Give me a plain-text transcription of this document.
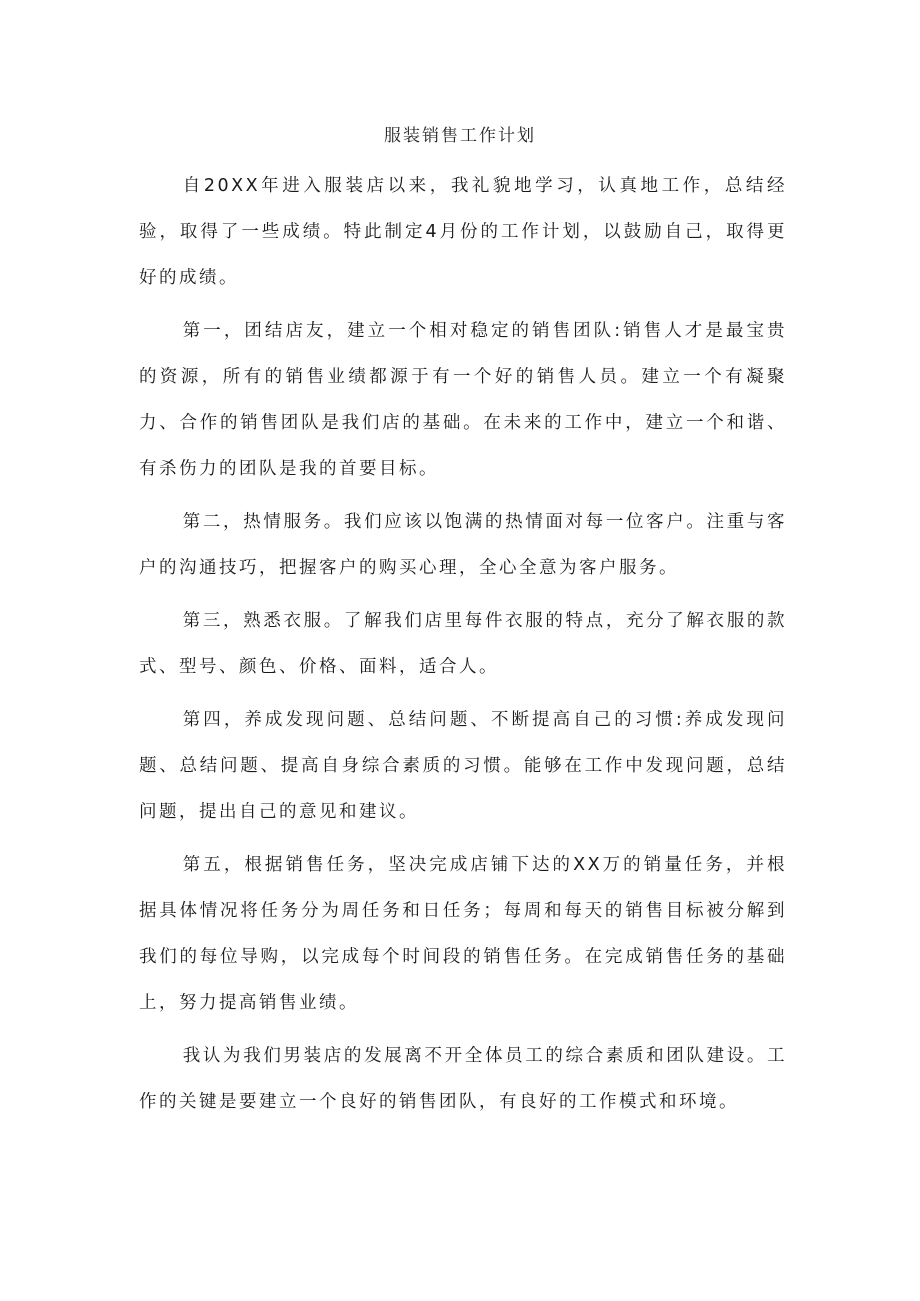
服装销售工作计划

自20XX年进入服装店以来，我礼貌地学习，认真地工作，总结经验，取得了一些成绩。特此制定4月份的工作计划，以鼓励自己，取得更好的成绩。

第一，团结店友，建立一个相对稳定的销售团队:销售人才是最宝贵的资源，所有的销售业绩都源于有一个好的销售人员。建立一个有凝聚力、合作的销售团队是我们店的基础。在未来的工作中，建立一个和谐、有杀伤力的团队是我的首要目标。

第二，热情服务。我们应该以饱满的热情面对每一位客户。注重与客户的沟通技巧，把握客户的购买心理，全心全意为客户服务。

第三，熟悉衣服。了解我们店里每件衣服的特点，充分了解衣服的款式、型号、颜色、价格、面料，适合人。

第四，养成发现问题、总结问题、不断提高自己的习惯:养成发现问题、总结问题、提高自身综合素质的习惯。能够在工作中发现问题，总结问题，提出自己的意见和建议。

第五，根据销售任务，坚决完成店铺下达的XX万的销量任务，并根据具体情况将任务分为周任务和日任务；每周和每天的销售目标被分解到我们的每位导购，以完成每个时间段的销售任务。在完成销售任务的基础上，努力提高销售业绩。

我认为我们男装店的发展离不开全体员工的综合素质和团队建设。工作的关键是要建立一个良好的销售团队，有良好的工作模式和环境。
